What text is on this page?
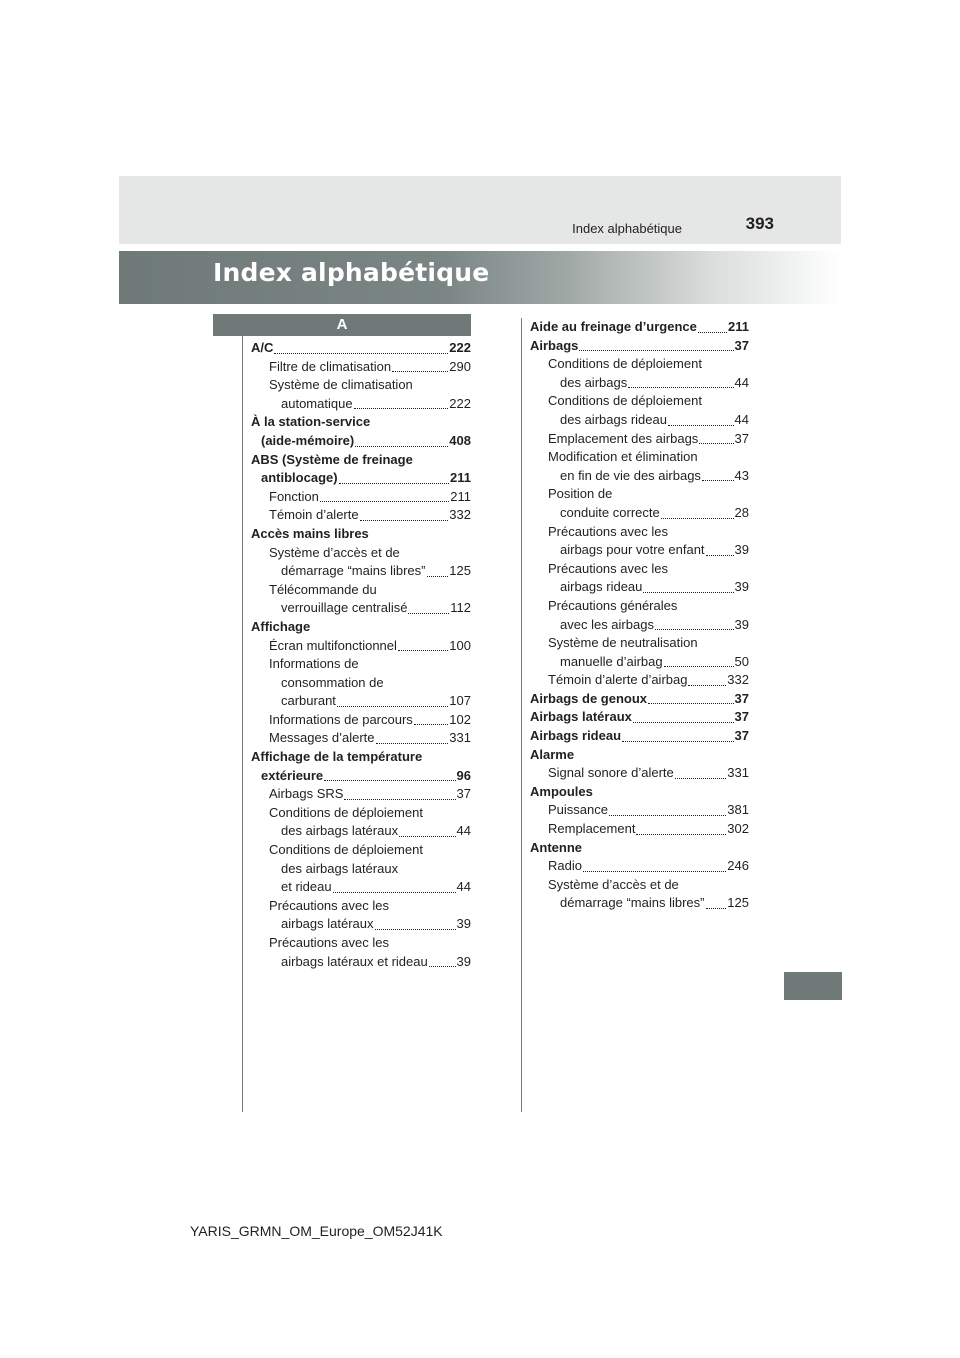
Index alphabétique	393
Index alphabétique
A
A/C	222
Filtre de climatisation	290
Système de climatisation
automatique	222
À la station-service
(aide-mémoire)	408
ABS (Système de freinage
antiblocage)	211
Fonction	211
Témoin d’alerte	332
Accès mains libres
Système d’accès et de
démarrage “mains libres” 125
Télécommande du
verrouillage centralisé	112
Affichage
Écran multifonctionnel	100
Informations de
consommation de
carburant	107
Informations de parcours	102
Messages d’alerte	331
Affichage de la température
extérieure	96
Airbags SRS	37
Conditions de déploiement
des airbags latéraux	44
Conditions de déploiement
des airbags latéraux
et rideau	44
Précautions avec les
airbags latéraux	39
Précautions avec les
airbags latéraux et rideau 39
Aide au freinage d’urgence 211
Airbags	37
Conditions de déploiement
des airbags	44
Conditions de déploiement
des airbags rideau	44
Emplacement des airbags	37
Modification et élimination
en fin de vie des airbags	43
Position de
conduite correcte	28
Précautions avec les
airbags pour votre enfant 39
Précautions avec les
airbags rideau	39
Précautions générales
avec les airbags	39
Système de neutralisation
manuelle d’airbag	50
Témoin d’alerte d’airbag	332
Airbags de genoux	37
Airbags latéraux	37
Airbags rideau	37
Alarme
Signal sonore d’alerte	331
Ampoules
Puissance	381
Remplacement	302
Antenne
Radio	246
Système d’accès et de
démarrage “mains libres” 125
YARIS_GRMN_OM_Europe_OM52J41K
